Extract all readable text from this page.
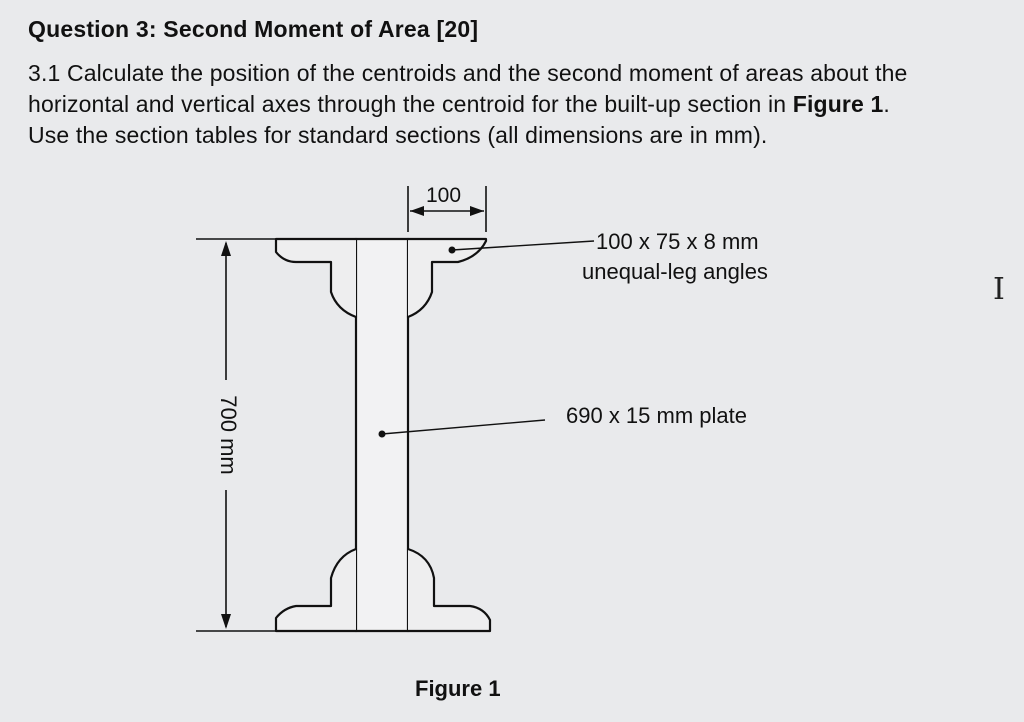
Question 3: Second Moment of Area [20]
3.1 Calculate the position of the centroids and the second moment of areas about the
horizontal and vertical axes through the centroid for the built-up section in Figure 1.
Use the section tables for standard sections (all dimensions are in mm).
100
700 mm
100 x 75 x 8 mm
unequal-leg angles
690 x 15 mm plate
Figure 1
I
